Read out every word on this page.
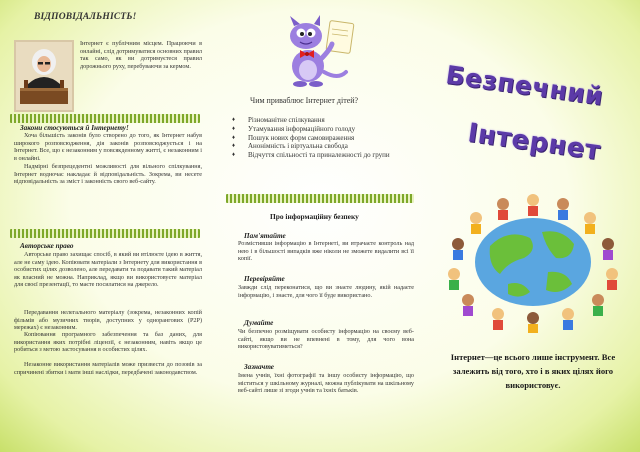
ВІДПОВІДАЛЬНІСТЬ!

Інтернет є публічним місцем. Працюючи в онлайні, слід дотримуватися основних правил так само, як ви дотримуєтеся правил дорожнього руху, перебуваючи за кермом.

Закони стосуються й Інтернету!

Хоча більшість законів було створено до того, як Інтернет набув широкого розповсюдження, дія законів розповсюджується і на Інтернет. Все, що є незаконним у повсякденному житті, є незаконним і в онлайні.

Надмірні безпрецедентні можливості для вільного спілкування, Інтернет водночас накладає й відповідальність. Зокрема, ви несете відповідальність за зміст і законність свого веб-сайту.

Авторське право

Авторське право захищає спосіб, в який ви втілюєте ідею в життя, але не саму ідею. Копіювати матеріали з Інтернету для використання в особистих цілях дозволено, але передавати та подавати такий матеріал як власний не можна. Наприклад, якщо ви використовуєте матеріал для своєї презентації, то маєте посилатися на джерело.

Передавання нелегального матеріалу (зокрема, незаконних копій фільмів або музичних творів, доступних у однорангових (P2P) мережах) є незаконним.

Копіювання програмного забезпечення та баз даних, для використання яких потрібні ліцензії, є незаконним, навіть якщо це робиться з метою застосування в особистих цілях.

Незаконне використання матеріалів може призвести до позовів за спричинені збитки і мати інші наслідки, передбачені законодавством.

Чим приваблює Інтернет дітей?
♦	Різноманітне спілкування
♦	Утамування інформаційного голоду
♦	Пошук нових форм самовираження
♦	Анонімність і віртуальна свобода
♦	Відчуття спільності та приналежності до групи
Про інформаційну безпеку
Пам'ятайте

Розмістивши інформацію в Інтернеті, ви втрачаєте контроль над нею і в більшості випадків вже ніколи не зможете видалити всі її копії.

Перевіряйте

Завжди слід переконатися, що ви знаєте людину, якій надаєте інформацію, і знаєте, для чого її буде використано.

Думайте

Чи безпечно розміщувати особисту інформацію на своєму веб-сайті, якщо ви не впевнені в тому, для чого вона використовуватиметься?

Зазначте

Імена учнів, їхні фотографії та іншу особисту інформацію, що міститься у шкільному журналі, можна публікувати на шкільному веб-сайті лише зі згоди учнів та їхніх батьків.

Безпечний
Інтернет

Інтернет—це всього лише інструмент. Все залежить від того, хто і в яких цілях його використовує.
